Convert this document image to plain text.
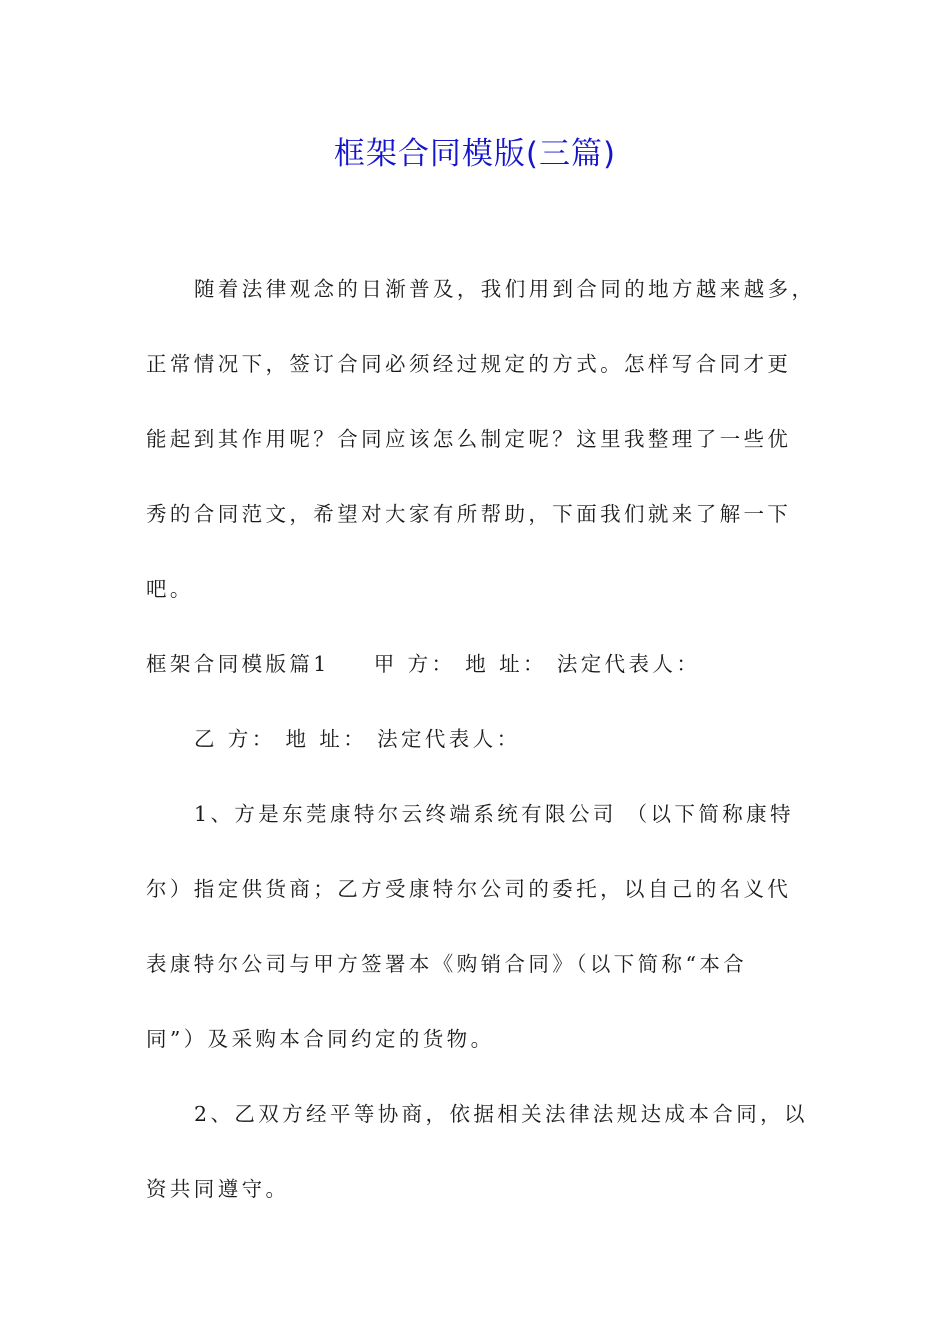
框架合同模版(三篇)
随着法律观念的日渐普及，我们用到合同的地方越来越多，
正常情况下，签订合同必须经过规定的方式。怎样写合同才更
能起到其作用呢？合同应该怎么制定呢？这里我整理了一些优
秀的合同范文，希望对大家有所帮助，下面我们就来了解一下
吧。
框架合同模版篇1 甲 方： 地 址： 法定代表人：
乙 方： 地 址： 法定代表人：
1、方是东莞康特尔云终端系统有限公司 （以下简称康特
尔）指定供货商；乙方受康特尔公司的委托，以自己的名义代
表康特尔公司与甲方签署本《购销合同》（以下简称“本合
同”）及采购本合同约定的货物。
2、乙双方经平等协商，依据相关法律法规达成本合同，以
资共同遵守。
